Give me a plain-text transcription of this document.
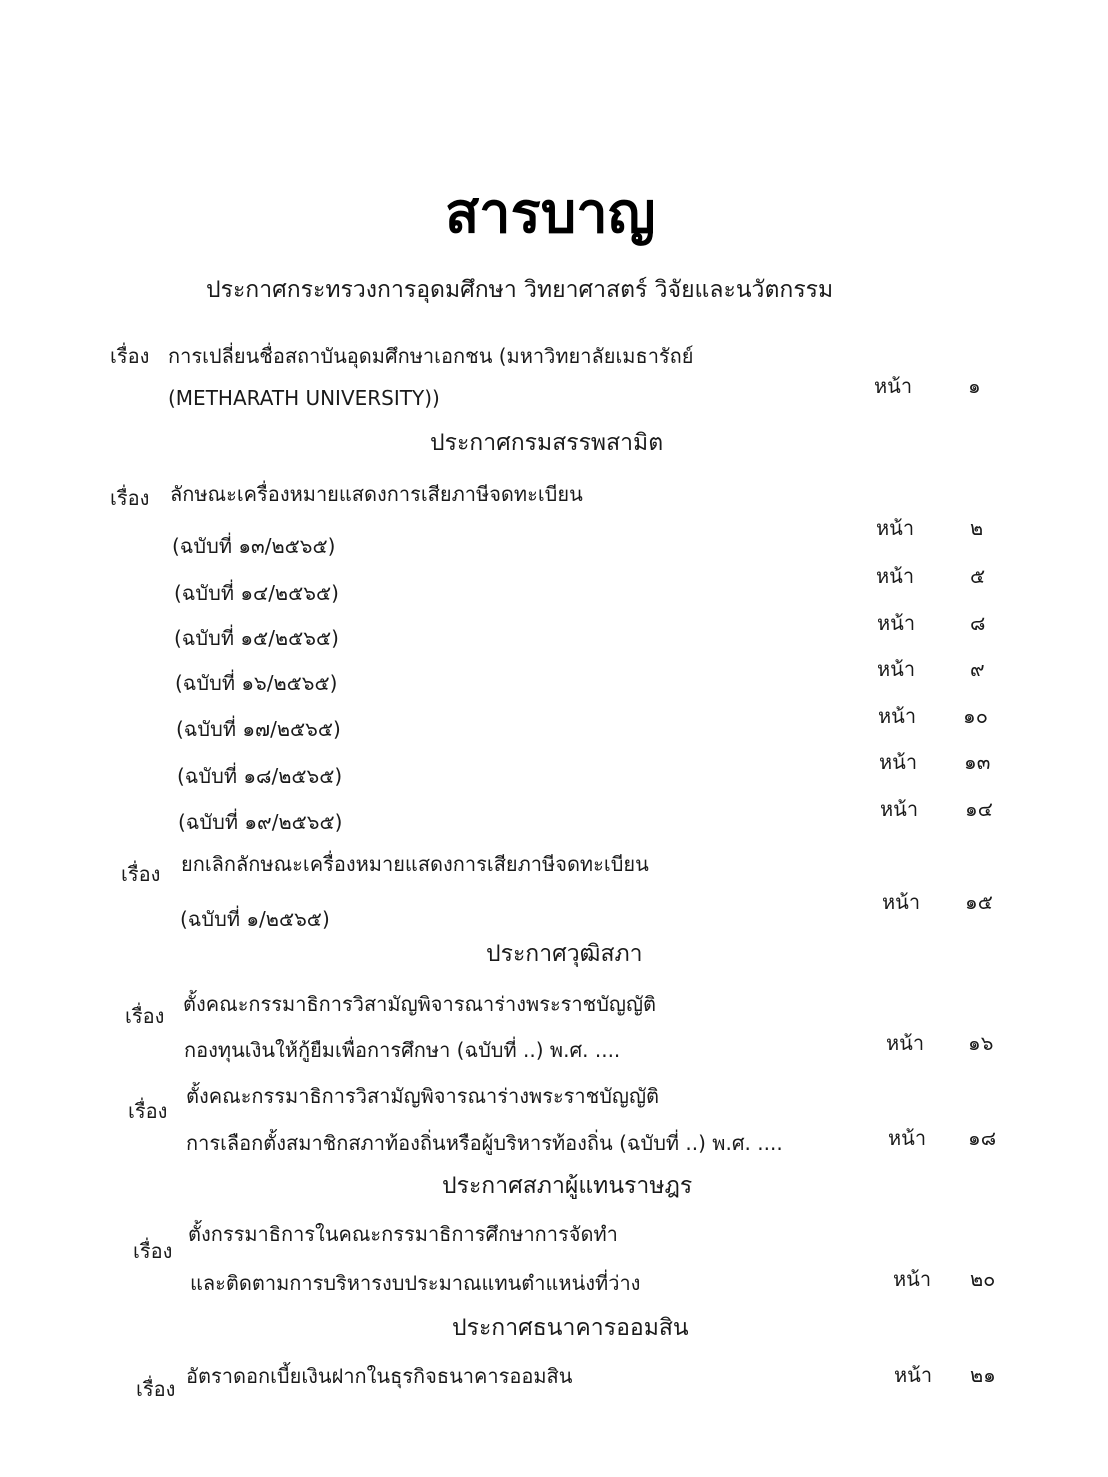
สารบาญ
ประกาศกระทรวงการอุดมศึกษา วิทยาศาสตร์ วิจัยและนวัตกรรม
เรื่อง การเปลี่ยนชื่อสถาบันอุดมศึกษาเอกชน (มหาวิทยาลัยเมธารัถย์
(METHARATH UNIVERSITY))	หน้า	๑
ประกาศกรมสรรพสามิต
เรื่อง ลักษณะเครื่องหมายแสดงการเสียภาษีจดทะเบียน
(ฉบับที่ ๑๓/๒๕๖๕)
หน้า	๒
(ฉบับที่ ๑๔/๒๕๖๕)
หน้า	๕
(ฉบับที่ ๑๕/๒๕๖๕)
หน้า	๘
(ฉบับที่ ๑๖/๒๕๖๕)
หน้า	๙
(ฉบับที่ ๑๗/๒๕๖๕)
หน้า ๑๐
(ฉบับที่ ๑๘/๒๕๖๕)
หน้า ๑๓
(ฉบับที่ ๑๙/๒๕๖๕)
หน้า ๑๔
เรื่อง ยกเลิกลักษณะเครื่องหมายแสดงการเสียภาษีจดทะเบียน
(ฉบับที่ ๑/๒๕๖๕)
หน้า ๑๕
ประกาศวุฒิสภา
เรื่อง ตั้งคณะกรรมาธิการวิสามัญพิจารณาร่างพระราชบัญญัติ
กองทุนเงินให้กู้ยืมเพื่อการศึกษา (ฉบับที่ ..) พ.ศ. ....	หน้า ๑๖
เรื่อง
ตั้งคณะกรรมาธิการวิสามัญพิจารณาร่างพระราชบัญญัติ
การเลือกตั้งสมาชิกสภาท้องถิ่นหรือผู้บริหารท้องถิ่น (ฉบับที่ ..) พ.ศ. ....	หน้า ๑๘
ประกาศสภาผู้แทนราษฎร
เรื่อง
ตั้งกรรมาธิการในคณะกรรมาธิการศึกษาการจัดทำ
และติดตามการบริหารงบประมาณแทนตำแหน่งที่ว่าง	หน้า ๒๐
ประกาศธนาคารออมสิน
เรื่อง
อัตราดอกเบี้ยเงินฝากในธุรกิจธนาคารออมสิน	หน้า ๒๑
